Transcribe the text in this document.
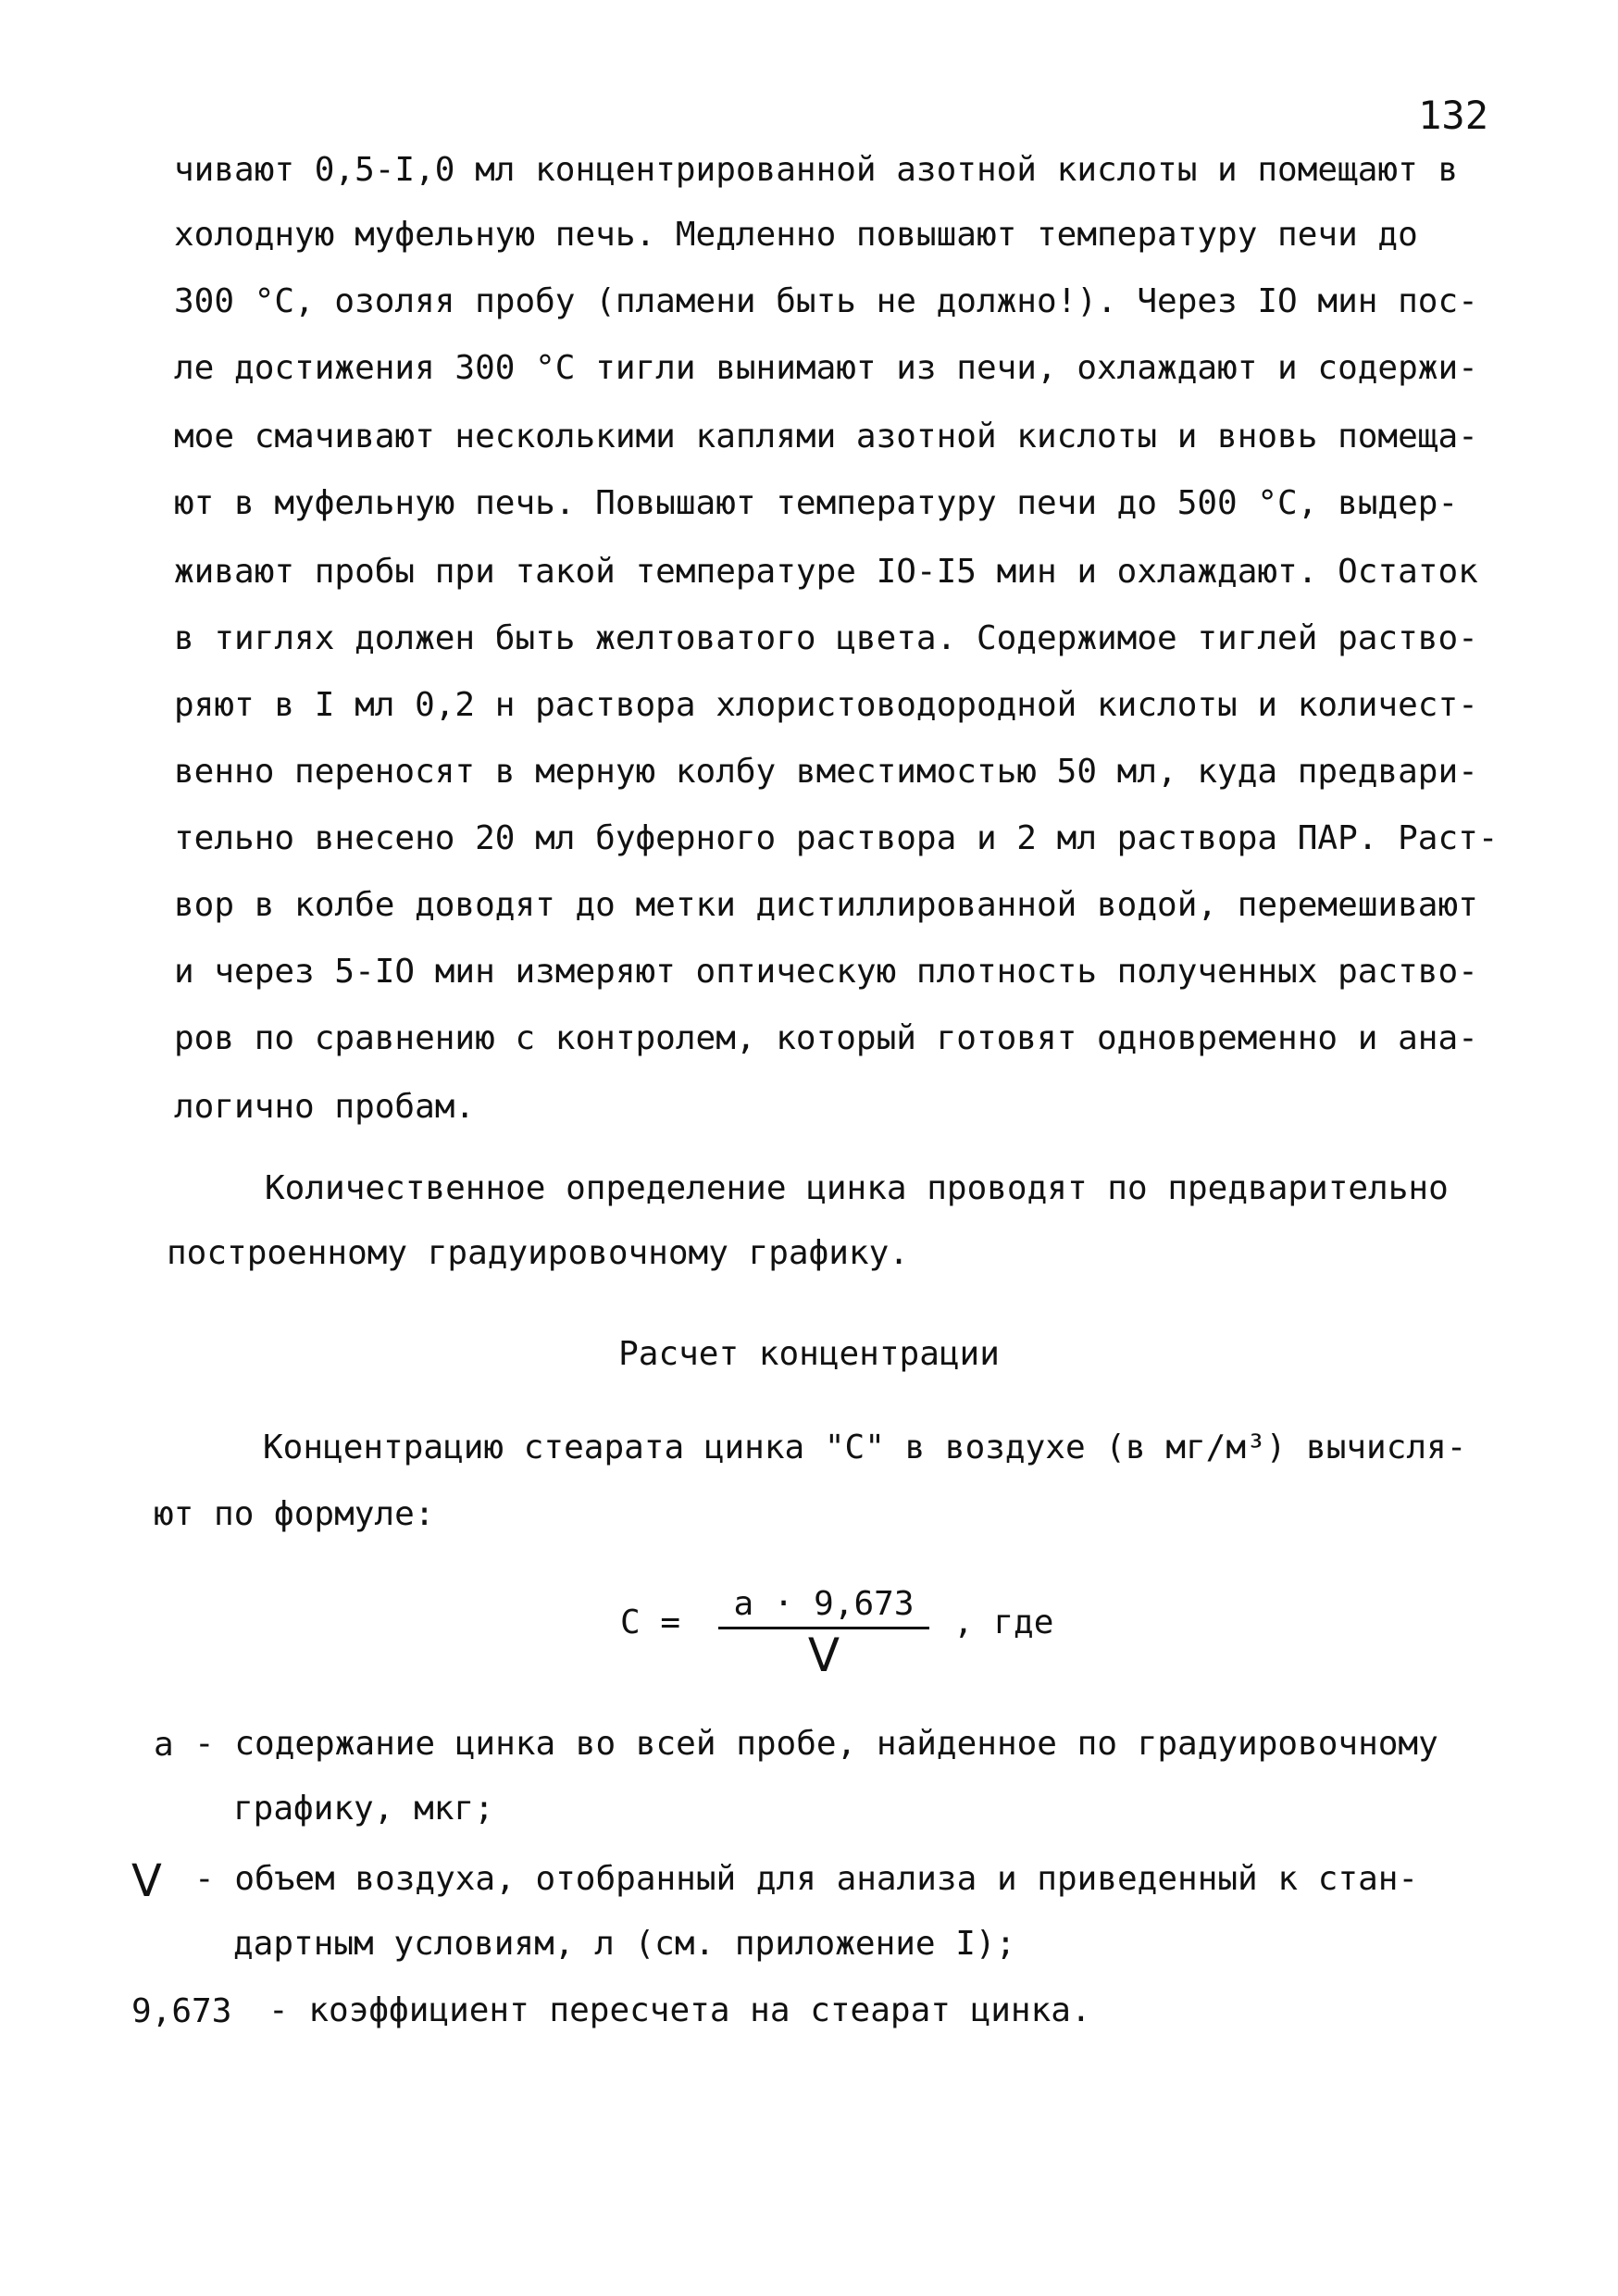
132
чивают 0,5-I,0 мл концентрированной азотной кислоты и помещают в
холодную муфельную печь. Медленно повышают температуру печи до
300 °С, озоляя пробу (пламени быть не должно!). Через IO мин пос-
ле достижения 300 °С тигли вынимают из печи, охлаждают и содержи-
мое смачивают несколькими каплями азотной кислоты и вновь помеща-
ют в муфельную печь. Повышают температуру печи до 500 °С, выдер-
живают пробы при такой температуре IO-I5 мин и охлаждают. Остаток
в тиглях должен быть желтоватого цвета. Содержимое тиглей раство-
ряют в I мл 0,2 н раствора хлористоводородной кислоты и количест-
венно переносят в мерную колбу вместимостью 50 мл, куда предвари-
тельно внесено 20 мл буферного раствора и 2 мл раствора ПАР. Раст-
вор в колбе доводят до метки дистиллированной водой, перемешивают
и через 5-IO мин измеряют оптическую плотность полученных раство-
ров по сравнению с контролем, который готовят одновременно и ана-
логично пробам.
Количественное определение цинка проводят по предварительно
построенному градуировочному графику.
Расчет концентрации
Концентрацию стеарата цинка "С" в воздухе (в мг/м³) вычисля-
ют по формуле:
С =	а · 9,673
V
, где
а - содержание цинка во всей пробе, найденное по градуировочному
графику, мкг;
V - объем воздуха, отобранный для анализа и приведенный к стан-
дартным условиям, л (см. приложение I);
9,673 - коэффициент пересчета на стеарат цинка.
